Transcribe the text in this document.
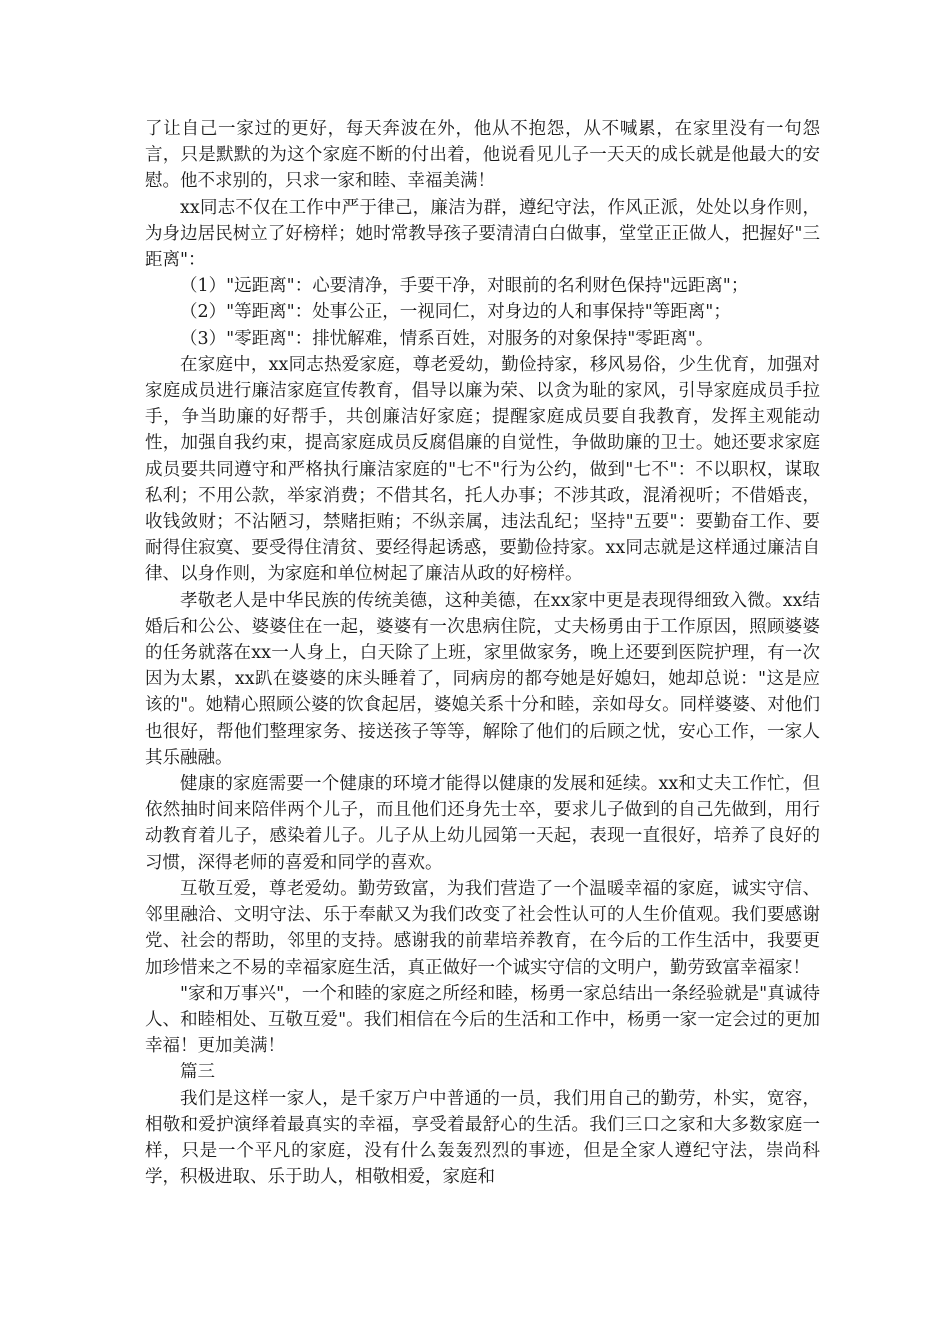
了让自己一家过的更好，每天奔波在外，他从不抱怨，从不喊累，在家里没有一句怨言，只是默默的为这个家庭不断的付出着，他说看见儿子一天天的成长就是他最大的安慰。他不求别的，只求一家和睦、幸福美满！

xx同志不仅在工作中严于律己，廉洁为群，遵纪守法，作风正派，处处以身作则，为身边居民树立了好榜样；她时常教导孩子要清清白白做事，堂堂正正做人，把握好"三距离"：

（1）"远距离"：心要清净，手要干净，对眼前的名利财色保持"远距离"；

（2）"等距离"：处事公正，一视同仁，对身边的人和事保持"等距离"；

（3）"零距离"：排忧解难，情系百姓，对服务的对象保持"零距离"。

在家庭中，xx同志热爱家庭，尊老爱幼，勤俭持家，移风易俗，少生优育，加强对家庭成员进行廉洁家庭宣传教育，倡导以廉为荣、以贪为耻的家风，引导家庭成员手拉手，争当助廉的好帮手，共创廉洁好家庭；提醒家庭成员要自我教育，发挥主观能动性，加强自我约束，提高家庭成员反腐倡廉的自觉性，争做助廉的卫士。她还要求家庭成员要共同遵守和严格执行廉洁家庭的"七不"行为公约，做到"七不"：不以职权，谋取私利；不用公款，举家消费；不借其名，托人办事；不涉其政，混淆视听；不借婚丧，收钱敛财；不沾陋习，禁赌拒贿；不纵亲属，违法乱纪；坚持"五要"：要勤奋工作、要耐得住寂寞、要受得住清贫、要经得起诱惑，要勤俭持家。xx同志就是这样通过廉洁自律、以身作则，为家庭和单位树起了廉洁从政的好榜样。

孝敬老人是中华民族的传统美德，这种美德，在xx家中更是表现得细致入微。xx结婚后和公公、婆婆住在一起，婆婆有一次患病住院，丈夫杨勇由于工作原因，照顾婆婆的任务就落在xx一人身上，白天除了上班，家里做家务，晚上还要到医院护理，有一次因为太累，xx趴在婆婆的床头睡着了，同病房的都夸她是好媳妇，她却总说："这是应该的"。她精心照顾公婆的饮食起居，婆媳关系十分和睦，亲如母女。同样婆婆、对他们也很好，帮他们整理家务、接送孩子等等，解除了他们的后顾之忧，安心工作，一家人其乐融融。

健康的家庭需要一个健康的环境才能得以健康的发展和延续。xx和丈夫工作忙，但依然抽时间来陪伴两个儿子，而且他们还身先士卒，要求儿子做到的自己先做到，用行动教育着儿子，感染着儿子。儿子从上幼儿园第一天起，表现一直很好，培养了良好的习惯，深得老师的喜爱和同学的喜欢。

互敬互爱，尊老爱幼。勤劳致富，为我们营造了一个温暖幸福的家庭，诚实守信、邻里融洽、文明守法、乐于奉献又为我们改变了社会性认可的人生价值观。我们要感谢党、社会的帮助，邻里的支持。感谢我的前辈培养教育，在今后的工作生活中，我要更加珍惜来之不易的幸福家庭生活，真正做好一个诚实守信的文明户，勤劳致富幸福家！

"家和万事兴"，一个和睦的家庭之所经和睦，杨勇一家总结出一条经验就是"真诚待人、和睦相处、互敬互爱"。我们相信在今后的生活和工作中，杨勇一家一定会过的更加幸福！更加美满！

篇三

我们是这样一家人，是千家万户中普通的一员，我们用自己的勤劳，朴实，宽容，相敬和爱护演绎着最真实的幸福，享受着最舒心的生活。我们三口之家和大多数家庭一样，只是一个平凡的家庭，没有什么轰轰烈烈的事迹，但是全家人遵纪守法，崇尚科学，积极进取、乐于助人，相敬相爱，家庭和
